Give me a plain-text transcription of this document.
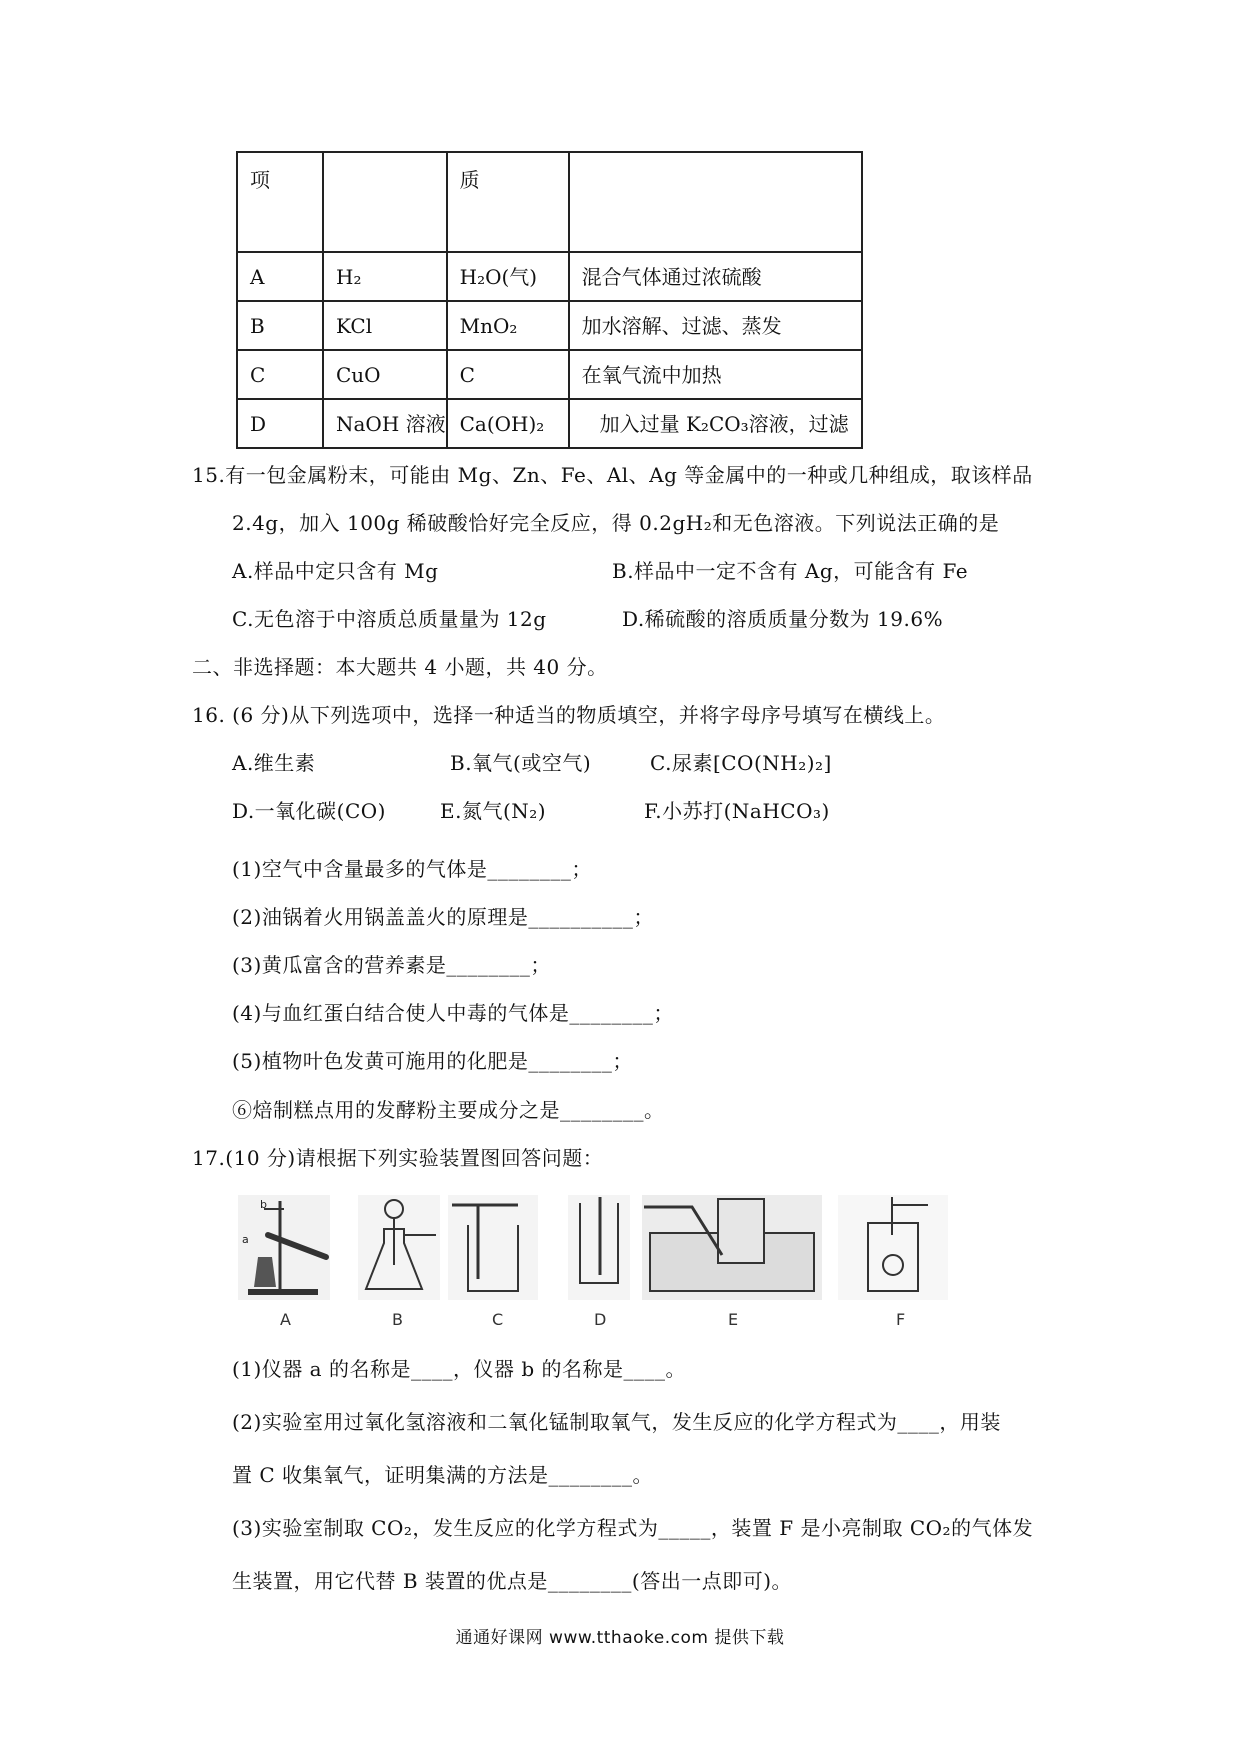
项		质	
A	H₂	H₂O(气)	混合气体通过浓硫酸
B	KCl	MnO₂	加水溶解、过滤、蒸发
C	CuO	C	在氧气流中加热
D	NaOH 溶液	Ca(OH)₂	加入过量 K₂CO₃溶液，过滤
15.有一包金属粉末，可能由 Mg、Zn、Fe、Al、Ag 等金属中的一种或几种组成，取该样品
2.4g，加入 100g 稀破酸恰好完全反应，得 0.2gH₂和无色溶液。下列说法正确的是
A.样品中定只含有 Mg	B.样品中一定不含有 Ag，可能含有 Fe
C.无色溶于中溶质总质量量为 12g	D.稀硫酸的溶质质量分数为 19.6%
二、非选择题：本大题共 4 小题，共 40 分。
16. (6 分)从下列选项中，选择一种适当的物质填空，并将字母序号填写在横线上。
A.维生素	B.氧气(或空气)	C.尿素[CO(NH₂)₂]
D.一氧化碳(CO)	E.氮气(N₂)	F.小苏打(NaHCO₃)
(1)空气中含量最多的气体是________；
(2)油锅着火用锅盖盖火的原理是__________；
(3)黄瓜富含的营养素是________；
(4)与血红蛋白结合使人中毒的气体是________；
(5)植物叶色发黄可施用的化肥是________；
⑥焙制糕点用的发酵粉主要成分之是________。
17.(10 分)请根据下列实验装置图回答问题：
b
a
A	B	C	D	E	F
(1)仪器 a 的名称是____，仪器 b 的名称是____。
(2)实验室用过氧化氢溶液和二氧化锰制取氧气，发生反应的化学方程式为____，用装
置 C 收集氧气，证明集满的方法是________。
(3)实验室制取 CO₂，发生反应的化学方程式为_____，装置 F 是小亮制取 CO₂的气体发
生装置，用它代替 B 装置的优点是________(答出一点即可)。
通通好课网 www.tthaoke.com 提供下载
